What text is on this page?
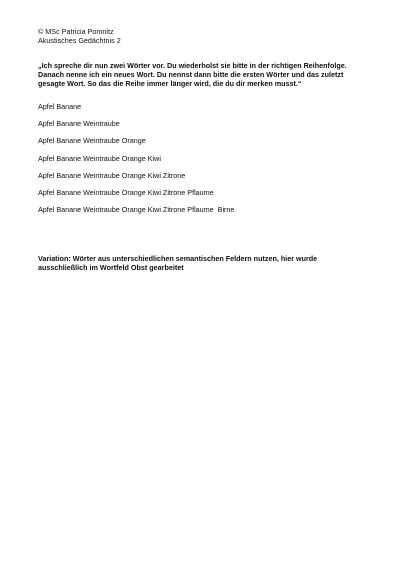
© MSc Patricia Pomnitz
Akustisches Gedächtnis 2
„Ich spreche dir nun zwei Wörter vor. Du wiederholst sie bitte in der richtigen Reihenfolge. Danach nenne ich ein neues Wort. Du nennst dann bitte die ersten Wörter und das zuletzt gesagte Wort. So das die Reihe immer länger wird, die du dir merken musst.“
Apfel Banane
Apfel Banane Weintraube
Apfel Banane Weintraube Orange
Apfel Banane Weintraube Orange Kiwi
Apfel Banane Weintraube Orange Kiwi Zitrone
Apfel Banane Weintraube Orange Kiwi Zitrone Pflaume
Apfel Banane Weintraube Orange Kiwi Zitrone Pflaume  Birne
Variation: Wörter aus unterschiedlichen semantischen Feldern nutzen, hier wurde ausschließlich im Wortfeld Obst gearbeitet
